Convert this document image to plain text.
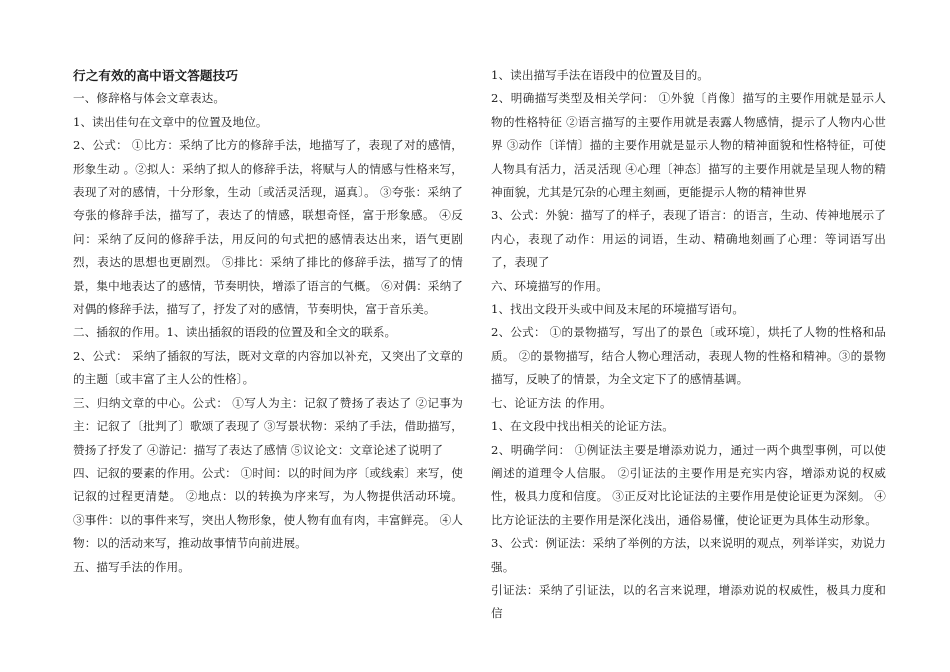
行之有效的高中语文答题技巧

一、修辞格与体会文章表达。

1、读出佳句在文章中的位置及地位。

2、公式： ①比方：采纳了比方的修辞手法，地描写了，表现了对的感情，形象生动 。②拟人：采纳了拟人的修辞手法，将赋与人的情感与性格来写，表现了对的感情，十分形象，生动〔或活灵活现，逼真〕。 ③夸张：采纳了夸张的修辞手法，描写了，表达了的情感，联想奇怪，富于形象感。 ④反问：采纳了反问的修辞手法，用反问的句式把的感情表达出来，语气更剧烈，表达的思想也更剧烈。 ⑤排比：采纳了排比的修辞手法，描写了的情景，集中地表达了的感情，节奏明快，增添了语言的气概。 ⑥对偶：采纳了对偶的修辞手法，描写了，抒发了对的感情，节奏明快，富于音乐美。

二、插叙的作用。1、读出插叙的语段的位置及和全文的联系。

2、公式： 采纳了插叙的写法，既对文章的内容加以补充，又突出了文章的的主题〔或丰富了主人公的性格〕。

三、归纳文章的中心。公式： ①写人为主：记叙了赞扬了表达了 ②记事为主：记叙了〔批判了〕歌颂了表现了 ③写景状物：采纳了手法，借助描写，赞扬了抒发了 ④游记：描写了表达了感情 ⑤议论文：文章论述了说明了

四、记叙的要素的作用。公式： ①时间：以的时间为序〔或线索〕来写，使记叙的过程更清楚。 ②地点：以的转换为序来写，为人物提供活动环境。 ③事件：以的事件来写，突出人物形象，使人物有血有肉，丰富鲜亮。 ④人物：以的活动来写，推动故事情节向前进展。

五、描写手法的作用。

1、读出描写手法在语段中的位置及目的。

2、明确描写类型及相关学问： ①外貌〔肖像〕描写的主要作用就是显示人物的性格特征 ②语言描写的主要作用就是表露人物感情，提示了人物内心世界 ③动作〔详情〕描的主要作用就是显示人物的精神面貌和性格特征，可使人物具有活力，活灵活现 ④心理〔神态〕描写的主要作用就是呈现人物的精神面貌，尤其是冗杂的心理主刻画，更能提示人物的精神世界

3、公式：外貌：描写了的样子，表现了语言：的语言，生动、传神地展示了内心，表现了动作：用运的词语，生动、精确地刻画了心理：等词语写出了，表现了

六、环境描写的作用。

1、找出文段开头或中间及末尾的环境描写语句。

2、公式： ①的景物描写，写出了的景色〔或环境〕，烘托了人物的性格和品质。 ②的景物描写，结合人物心理活动，表现人物的性格和精神。③的景物描写，反映了的情景，为全文定下了的感情基调。

七、论证方法 的作用。

1、在文段中找出相关的论证方法。

2、明确学问： ①例证法主要是增添劝说力，通过一两个典型事例，可以使阐述的道理令人信服。 ②引证法的主要作用是充实内容，增添劝说的权威性，极具力度和信度。 ③正反对比论证法的主要作用是使论证更为深刻。 ④比方论证法的主要作用是深化浅出，通俗易懂，使论证更为具体生动形象。

3、公式：例证法：采纳了举例的方法，以来说明的观点，列举详实，劝说力强。

引证法：采纳了引证法，以的名言来说理，增添劝说的权威性，极具力度和信
